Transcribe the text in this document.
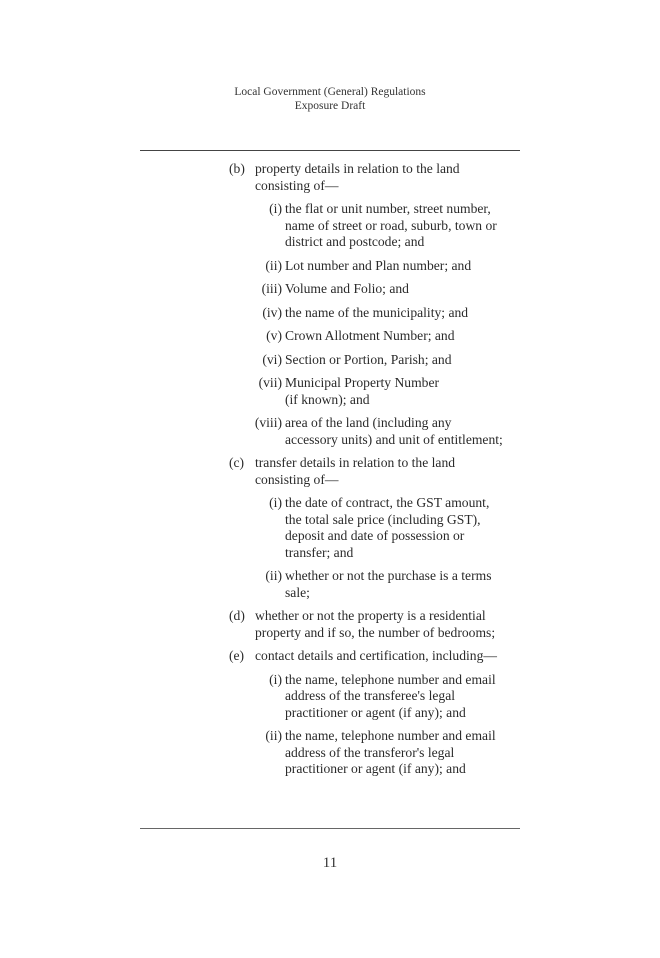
Local Government (General) Regulations
Exposure Draft
(b) property details in relation to the land
consisting of—
(i) the flat or unit number, street number,
name of street or road, suburb, town or
district and postcode; and
(ii) Lot number and Plan number; and
(iii) Volume and Folio; and
(iv) the name of the municipality; and
(v) Crown Allotment Number; and
(vi) Section or Portion, Parish; and
(vii) Municipal Property Number
(if known); and
(viii) area of the land (including any
accessory units) and unit of entitlement;
(c) transfer details in relation to the land
consisting of—
(i) the date of contract, the GST amount,
the total sale price (including GST),
deposit and date of possession or
transfer; and
(ii) whether or not the purchase is a terms
sale;
(d) whether or not the property is a residential
property and if so, the number of bedrooms;
(e) contact details and certification, including—
(i) the name, telephone number and email
address of the transferee's legal
practitioner or agent (if any); and
(ii) the name, telephone number and email
address of the transferor's legal
practitioner or agent (if any); and
11
